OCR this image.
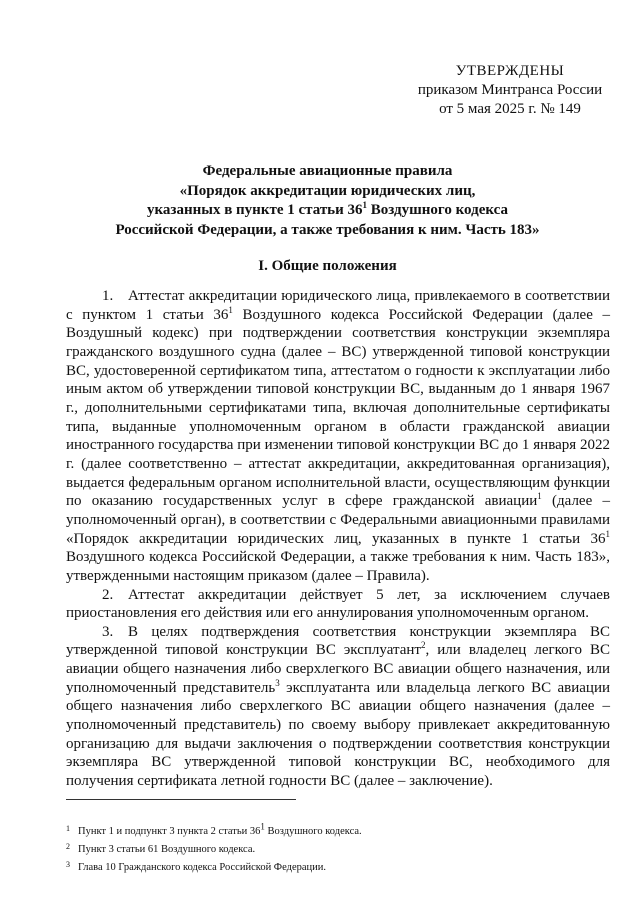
УТВЕРЖДЕНЫ
приказом Минтранса России
от 5 мая 2025 г. № 149
Федеральные авиационные правила
«Порядок аккредитации юридических лиц,
указанных в пункте 1 статьи $36^1$ Воздушного кодекса
Российской Федерации, а также требования к ним. Часть 183»
I. Общие положения

1. Аттестат аккредитации юридического лица, привлекаемого в соответствии с пунктом 1 статьи $36^1$ Воздушного кодекса Российской Федерации (далее – Воздушный кодекс) при подтверждении соответствия конструкции экземпляра гражданского воздушного судна (далее – ВС) утвержденной типовой конструкции ВС, удостоверенной сертификатом типа, аттестатом о годности к эксплуатации либо иным актом об утверждении типовой конструкции ВС, выданным до 1 января 1967 г., дополнительными сертификатами типа, включая дополнительные сертификаты типа, выданные уполномоченным органом в области гражданской авиации иностранного государства при изменении типовой конструкции ВС до 1 января 2022 г. (далее соответственно – аттестат аккредитации, аккредитованная организация), выдается федеральным органом исполнительной власти, осуществляющим функции по оказанию государственных услуг в сфере гражданской авиации$^1$ (далее – уполномоченный орган), в соответствии с Федеральными авиационными правилами «Порядок аккредитации юридических лиц, указанных в пункте 1 статьи $36^1$ Воздушного кодекса Российской Федерации, а также требования к ним. Часть 183», утвержденными настоящим приказом (далее – Правила).

2. Аттестат аккредитации действует 5 лет, за исключением случаев приостановления его действия или его аннулирования уполномоченным органом.

3. В целях подтверждения соответствия конструкции экземпляра ВС утвержденной типовой конструкции ВС эксплуатант$^2$, или владелец легкого ВС авиации общего назначения либо сверхлегкого ВС авиации общего назначения, или уполномоченный представитель$^3$ эксплуатанта или владельца легкого ВС авиации общего назначения либо сверхлегкого ВС авиации общего назначения (далее – уполномоченный представитель) по своему выбору привлекает аккредитованную организацию для выдачи заключения о подтверждении соответствия конструкции экземпляра ВС утвержденной типовой конструкции ВС, необходимого для получения сертификата летной годности ВС (далее – заключение).

1 Пункт 1 и подпункт 3 пункта 2 статьи $36^1$ Воздушного кодекса.
2 Пункт 3 статьи 61 Воздушного кодекса.
3 Глава 10 Гражданского кодекса Российской Федерации.
